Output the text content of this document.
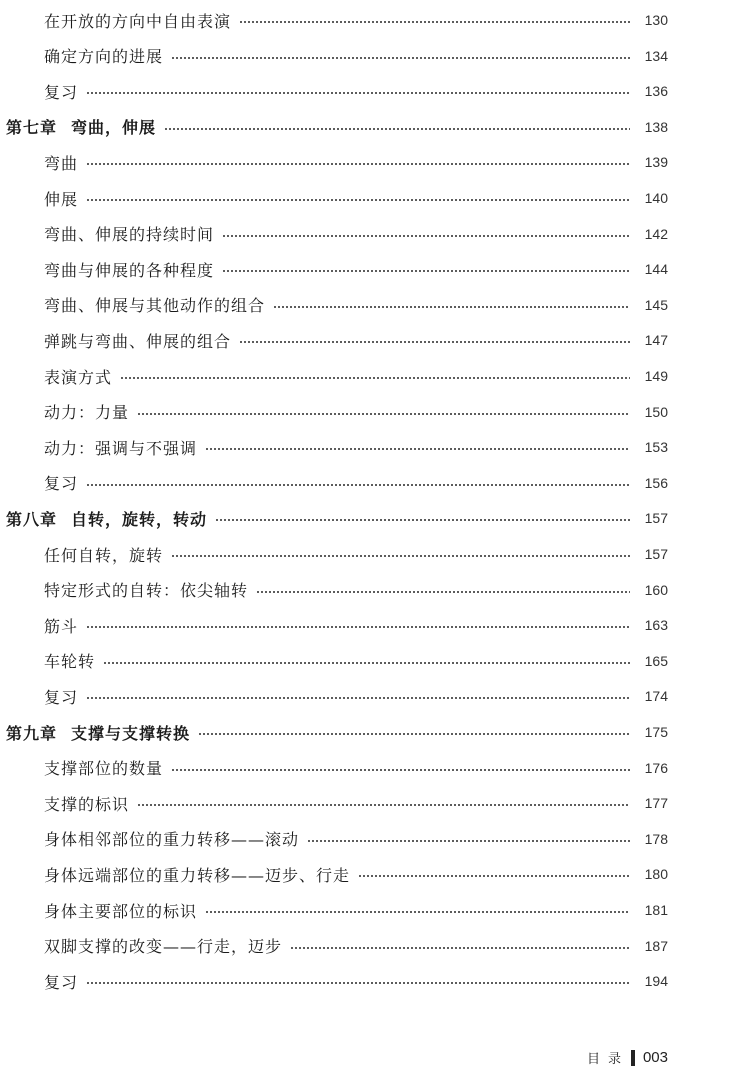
在开放的方向中自由表演	130
确定方向的进展	134
复习	136
第七章 弯曲，伸展	138
弯曲	139
伸展	140
弯曲、伸展的持续时间	142
弯曲与伸展的各种程度	144
弯曲、伸展与其他动作的组合	145
弹跳与弯曲、伸展的组合	147
表演方式	149
动力：力量	150
动力：强调与不强调	153
复习	156
第八章 自转，旋转，转动	157
任何自转，旋转	157
特定形式的自转：依尖轴转	160
筋斗	163
车轮转	165
复习	174
第九章 支撑与支撑转换	175
支撑部位的数量	176
支撑的标识	177
身体相邻部位的重力转移——滚动	178
身体远端部位的重力转移——迈步、行走	180
身体主要部位的标识	181
双脚支撑的改变——行走，迈步	187
复习	194
目录 003
